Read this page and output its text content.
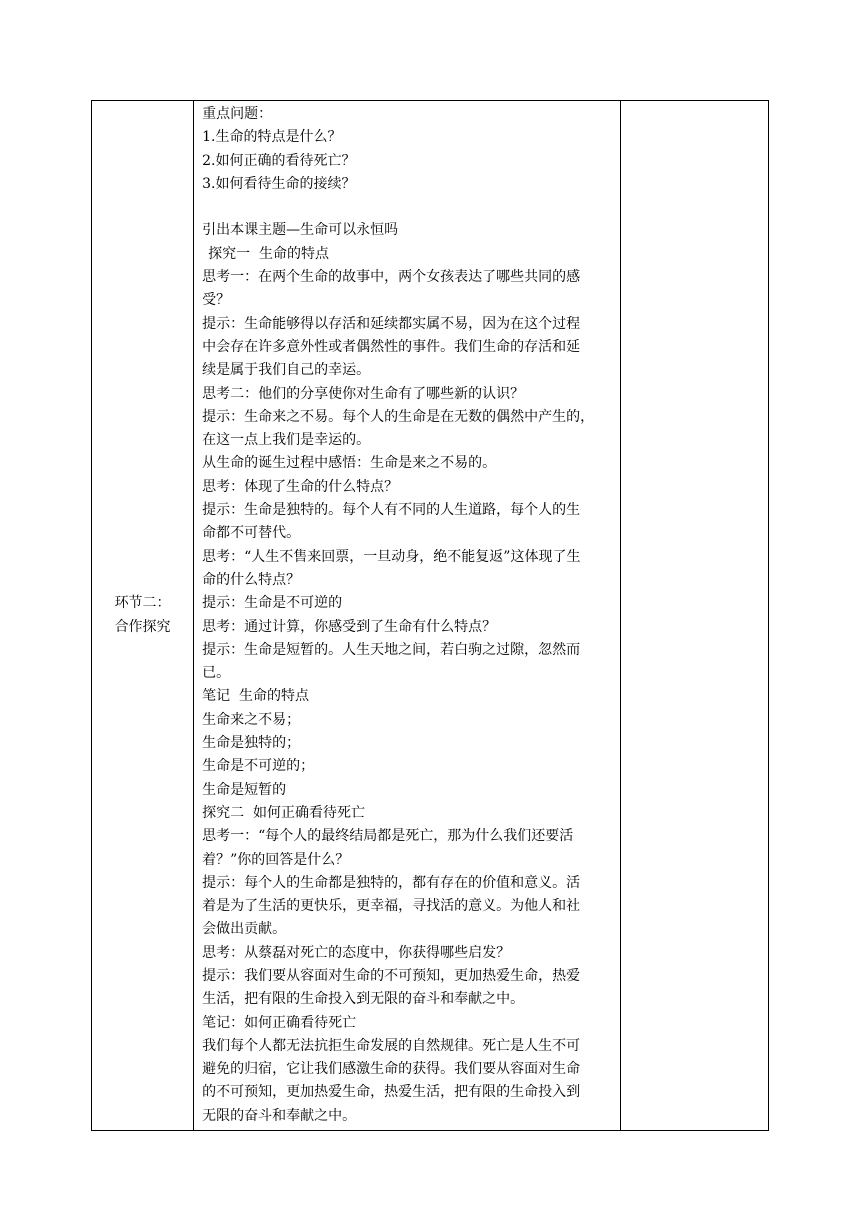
环节二：
合作探究

重点问题：
1.生命的特点是什么？
2.如何正确的看待死亡？
3.如何看待生命的接续？
引出本课主题—生命可以永恒吗
探究一  生命的特点
思考一：在两个生命的故事中，两个女孩表达了哪些共同的感
受？
提示：生命能够得以存活和延续都实属不易，因为在这个过程
中会存在许多意外性或者偶然性的事件。我们生命的存活和延
续是属于我们自己的幸运。
思考二：他们的分享使你对生命有了哪些新的认识？
提示：生命来之不易。每个人的生命是在无数的偶然中产生的，
在这一点上我们是幸运的。
从生命的诞生过程中感悟：生命是来之不易的。
思考：体现了生命的什么特点？
提示：生命是独特的。每个人有不同的人生道路，每个人的生
命都不可替代。
思考：“人生不售来回票，一旦动身，绝不能复返”这体现了生
命的什么特点？
提示：生命是不可逆的
思考：通过计算，你感受到了生命有什么特点？
提示：生命是短暂的。人生天地之间，若白驹之过隙，忽然而
已。
笔记  生命的特点
生命来之不易；
生命是独特的；
生命是不可逆的；
生命是短暂的
探究二  如何正确看待死亡
思考一：“每个人的最终结局都是死亡，那为什么我们还要活
着？”你的回答是什么？
提示：每个人的生命都是独特的，都有存在的价值和意义。活
着是为了生活的更快乐，更幸福，寻找活的意义。为他人和社
会做出贡献。
思考：从蔡磊对死亡的态度中，你获得哪些启发？
提示：我们要从容面对生命的不可预知，更加热爱生命，热爱
生活，把有限的生命投入到无限的奋斗和奉献之中。
笔记：如何正确看待死亡
我们每个人都无法抗拒生命发展的自然规律。死亡是人生不可
避免的归宿，它让我们感激生命的获得。我们要从容面对生命
的不可预知，更加热爱生命，热爱生活，把有限的生命投入到
无限的奋斗和奉献之中。
